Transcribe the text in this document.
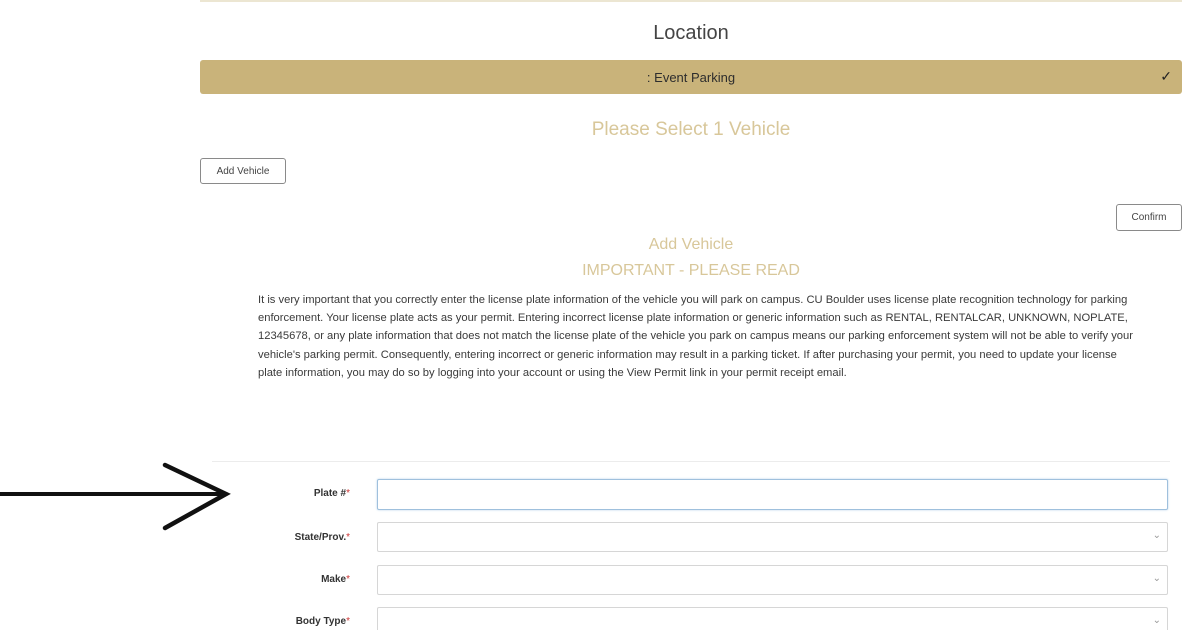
Location
: Event Parking	✓
Please Select 1 Vehicle
Add Vehicle
Confirm
Add Vehicle
IMPORTANT - PLEASE READ
It is very important that you correctly enter the license plate information of the vehicle you will park on campus. CU Boulder uses license plate recognition technology for parking enforcement. Your license plate acts as your permit. Entering incorrect license plate information or generic information such as RENTAL, RENTALCAR, UNKNOWN, NOPLATE, 12345678, or any plate information that does not match the license plate of the vehicle you park on campus means our parking enforcement system will not be able to verify your vehicle's parking permit. Consequently, entering incorrect or generic information may result in a parking ticket. If after purchasing your permit, you need to update your license plate information, you may do so by logging into your account or using the View Permit link in your permit receipt email.
Plate #*
State/Prov.*	⌄
Make*	⌄
Body Type*	⌄
